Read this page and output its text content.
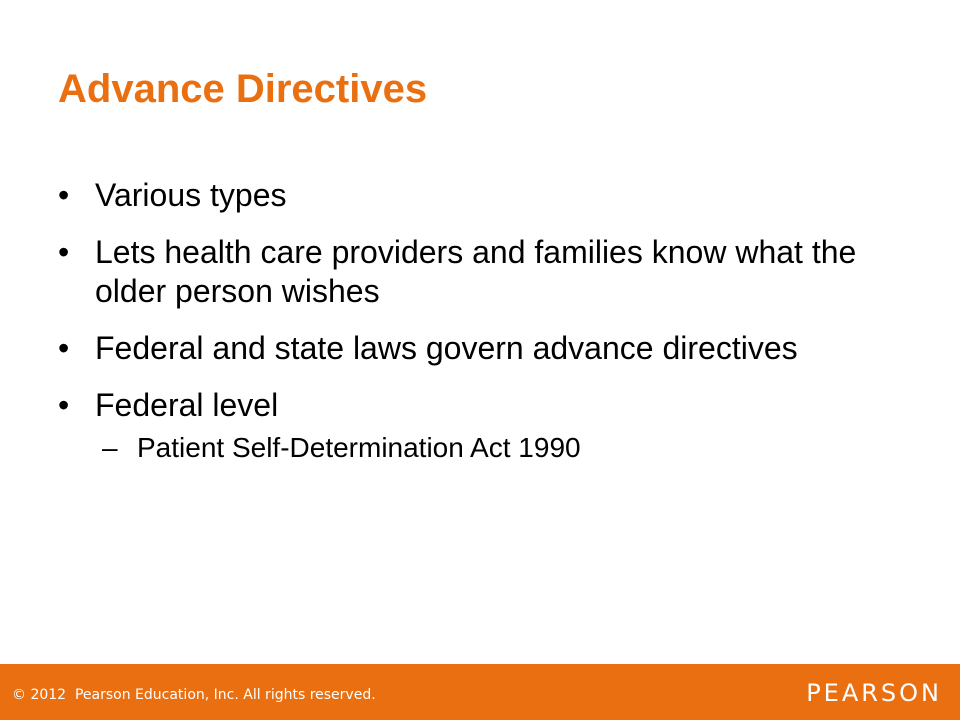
Advance Directives
• Various types
• Lets health care providers and families know what the older person wishes
• Federal and state laws govern advance directives
• Federal level
– Patient Self-Determination Act 1990
© 2012  Pearson Education, Inc. All rights reserved.	PEARSON
